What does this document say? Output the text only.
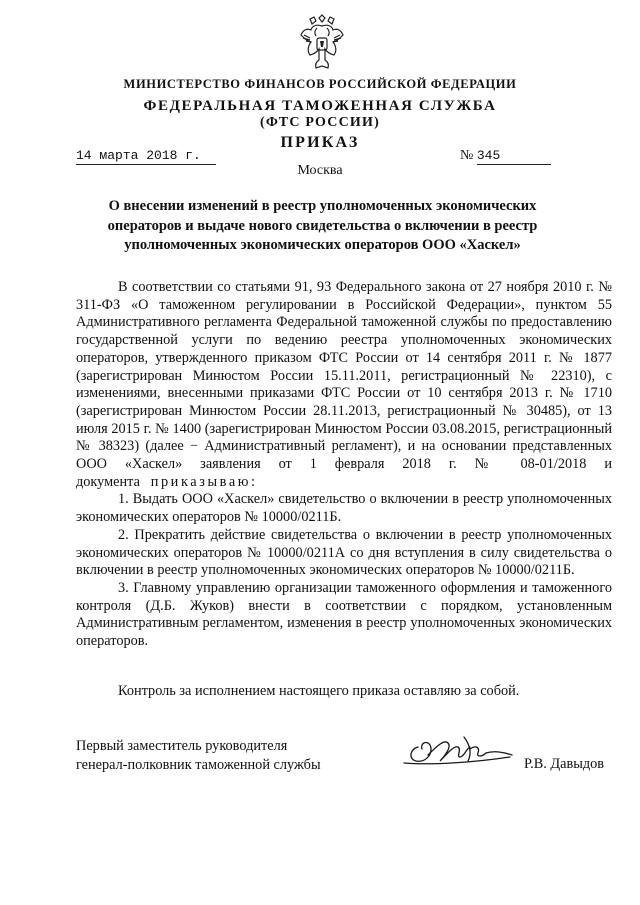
МИНИСТЕРСТВО ФИНАНСОВ РОССИЙСКОЙ ФЕДЕРАЦИИ
ФЕДЕРАЛЬНАЯ ТАМОЖЕННАЯ СЛУЖБА
(ФТС РОССИИ)
ПРИКАЗ
14 марта 2018 г.	№ 345
Москва
О внесении изменений в реестр уполномоченных экономических операторов и выдаче нового свидетельства о включении в реестр уполномоченных экономических операторов ООО «Хаскел»

В соответствии со статьями 91, 93 Федерального закона от 27 ноября 2010 г. № 311-ФЗ «О таможенном регулировании в Российской Федерации», пунктом 55 Административного регламента Федеральной таможенной службы по предоставлению государственной услуги по ведению реестра уполномоченных экономических операторов, утвержденного приказом ФТС России от 14 сентября 2011 г. № 1877 (зарегистрирован Минюстом России 15.11.2011, регистрационный № 22310), с изменениями, внесенными приказами ФТС России от 10 сентября 2013 г. № 1710 (зарегистрирован Минюстом России 28.11.2013, регистрационный № 30485), от 13 июля 2015 г. № 1400 (зарегистрирован Минюстом России 03.08.2015, регистрационный № 38323) (далее − Административный регламент), и на основании представленных ООО «Хаскел» заявления от 1 февраля 2018 г. № 08-01/2018 и документа приказываю:

1. Выдать ООО «Хаскел» свидетельство о включении в реестр уполномоченных экономических операторов № 10000/0211Б.

2. Прекратить действие свидетельства о включении в реестр уполномоченных экономических операторов № 10000/0211А со дня вступления в силу свидетельства о включении в реестр уполномоченных экономических операторов № 10000/0211Б.

3. Главному управлению организации таможенного оформления и таможенного контроля (Д.Б. Жуков) внести в соответствии с порядком, установленным Административным регламентом, изменения в реестр уполномоченных экономических операторов.

Контроль за исполнением настоящего приказа оставляю за собой.
Первый заместитель руководителя
генерал-полковник таможенной службы	Р.В. Давыдов
